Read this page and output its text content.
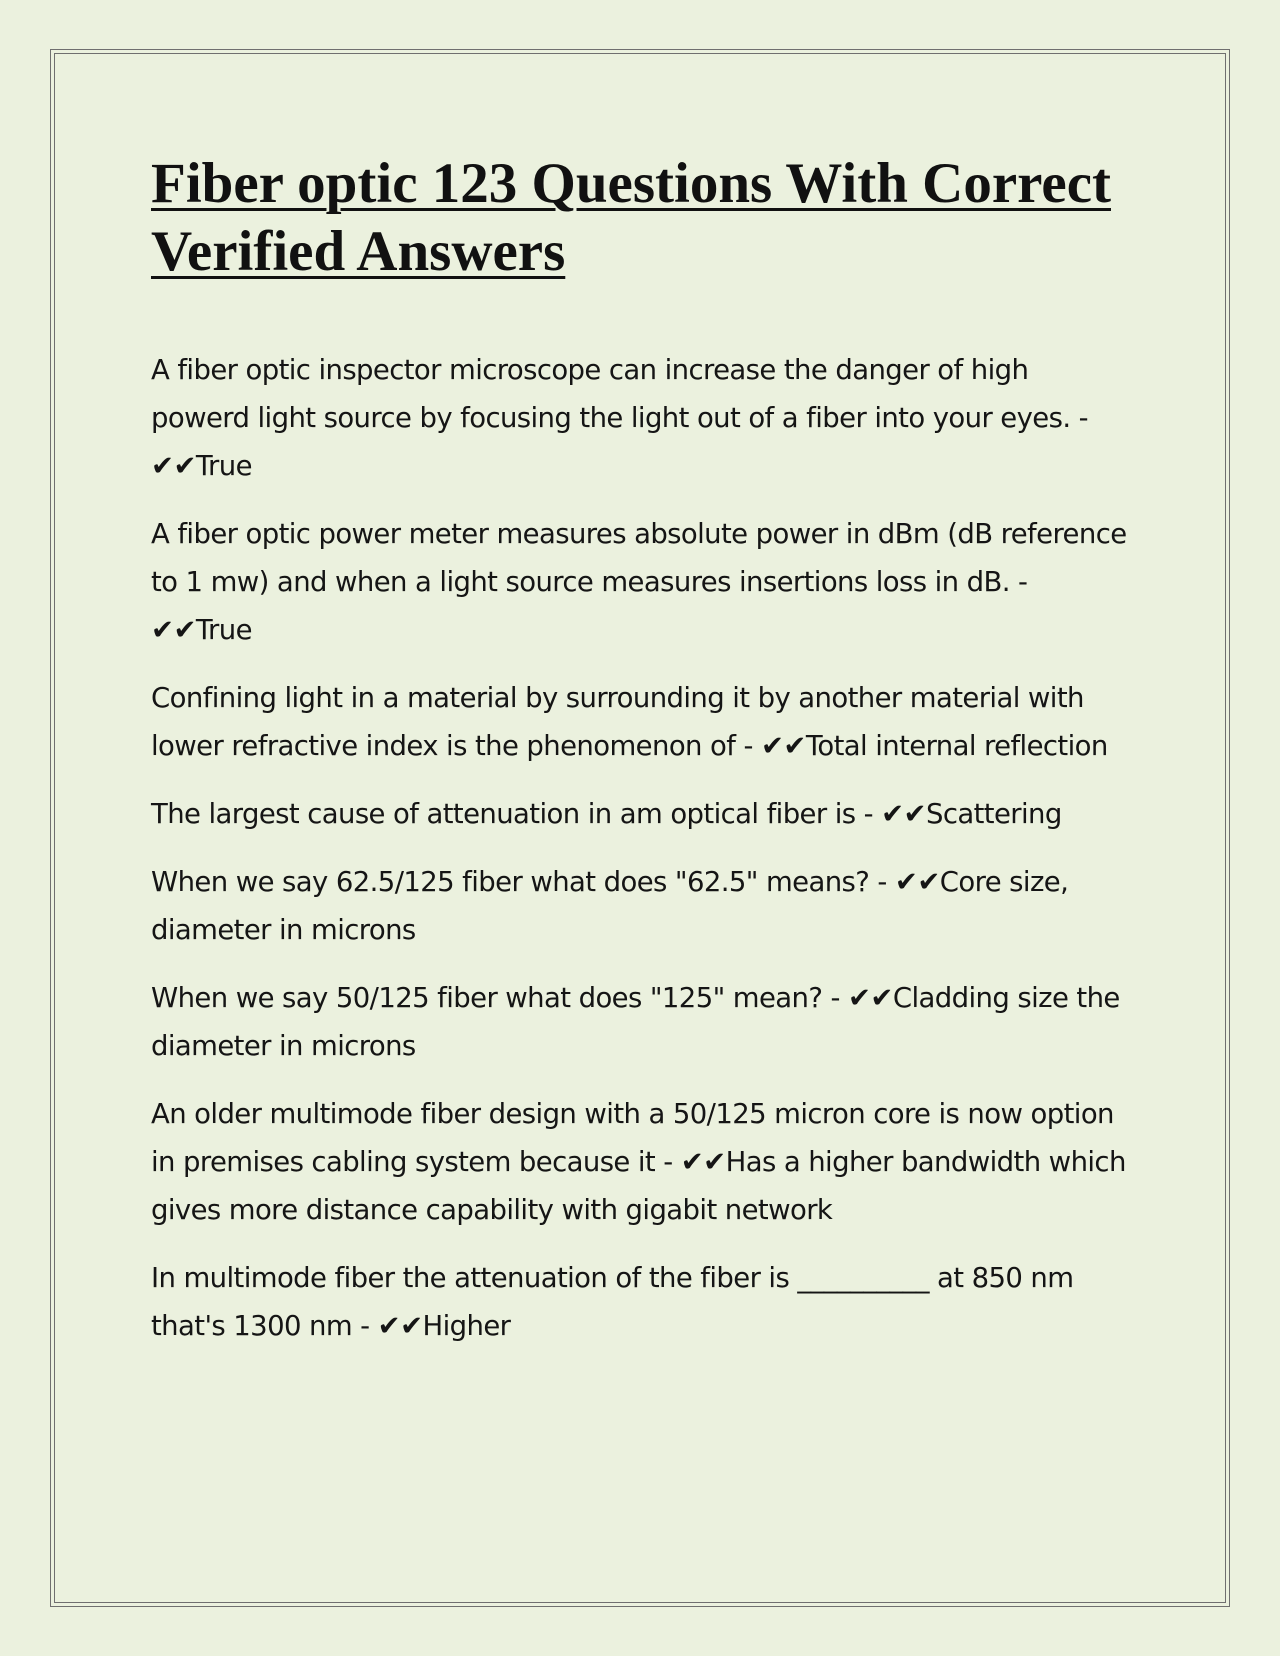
Fiber optic 123 Questions With Correct Verified Answers

A fiber optic inspector microscope can increase the danger of high powerd light source by focusing the light out of a fiber into your eyes. - ✔✔True

A fiber optic power meter measures absolute power in dBm (dB reference to 1 mw) and when a light source measures insertions loss in dB. - ✔✔True

Confining light in a material by surrounding it by another material with lower refractive index is the phenomenon of - ✔✔Total internal reflection

The largest cause of attenuation in am optical fiber is - ✔✔Scattering

When we say 62.5/125 fiber what does "62.5" means? - ✔✔Core size, diameter in microns

When we say 50/125 fiber what does "125" mean? - ✔✔Cladding size the diameter in microns

An older multimode fiber design with a 50/125 micron core is now option in premises cabling system because it - ✔✔Has a higher bandwidth which gives more distance capability with gigabit network

In multimode fiber the attenuation of the fiber is __________ at 850 nm that's 1300 nm - ✔✔Higher
